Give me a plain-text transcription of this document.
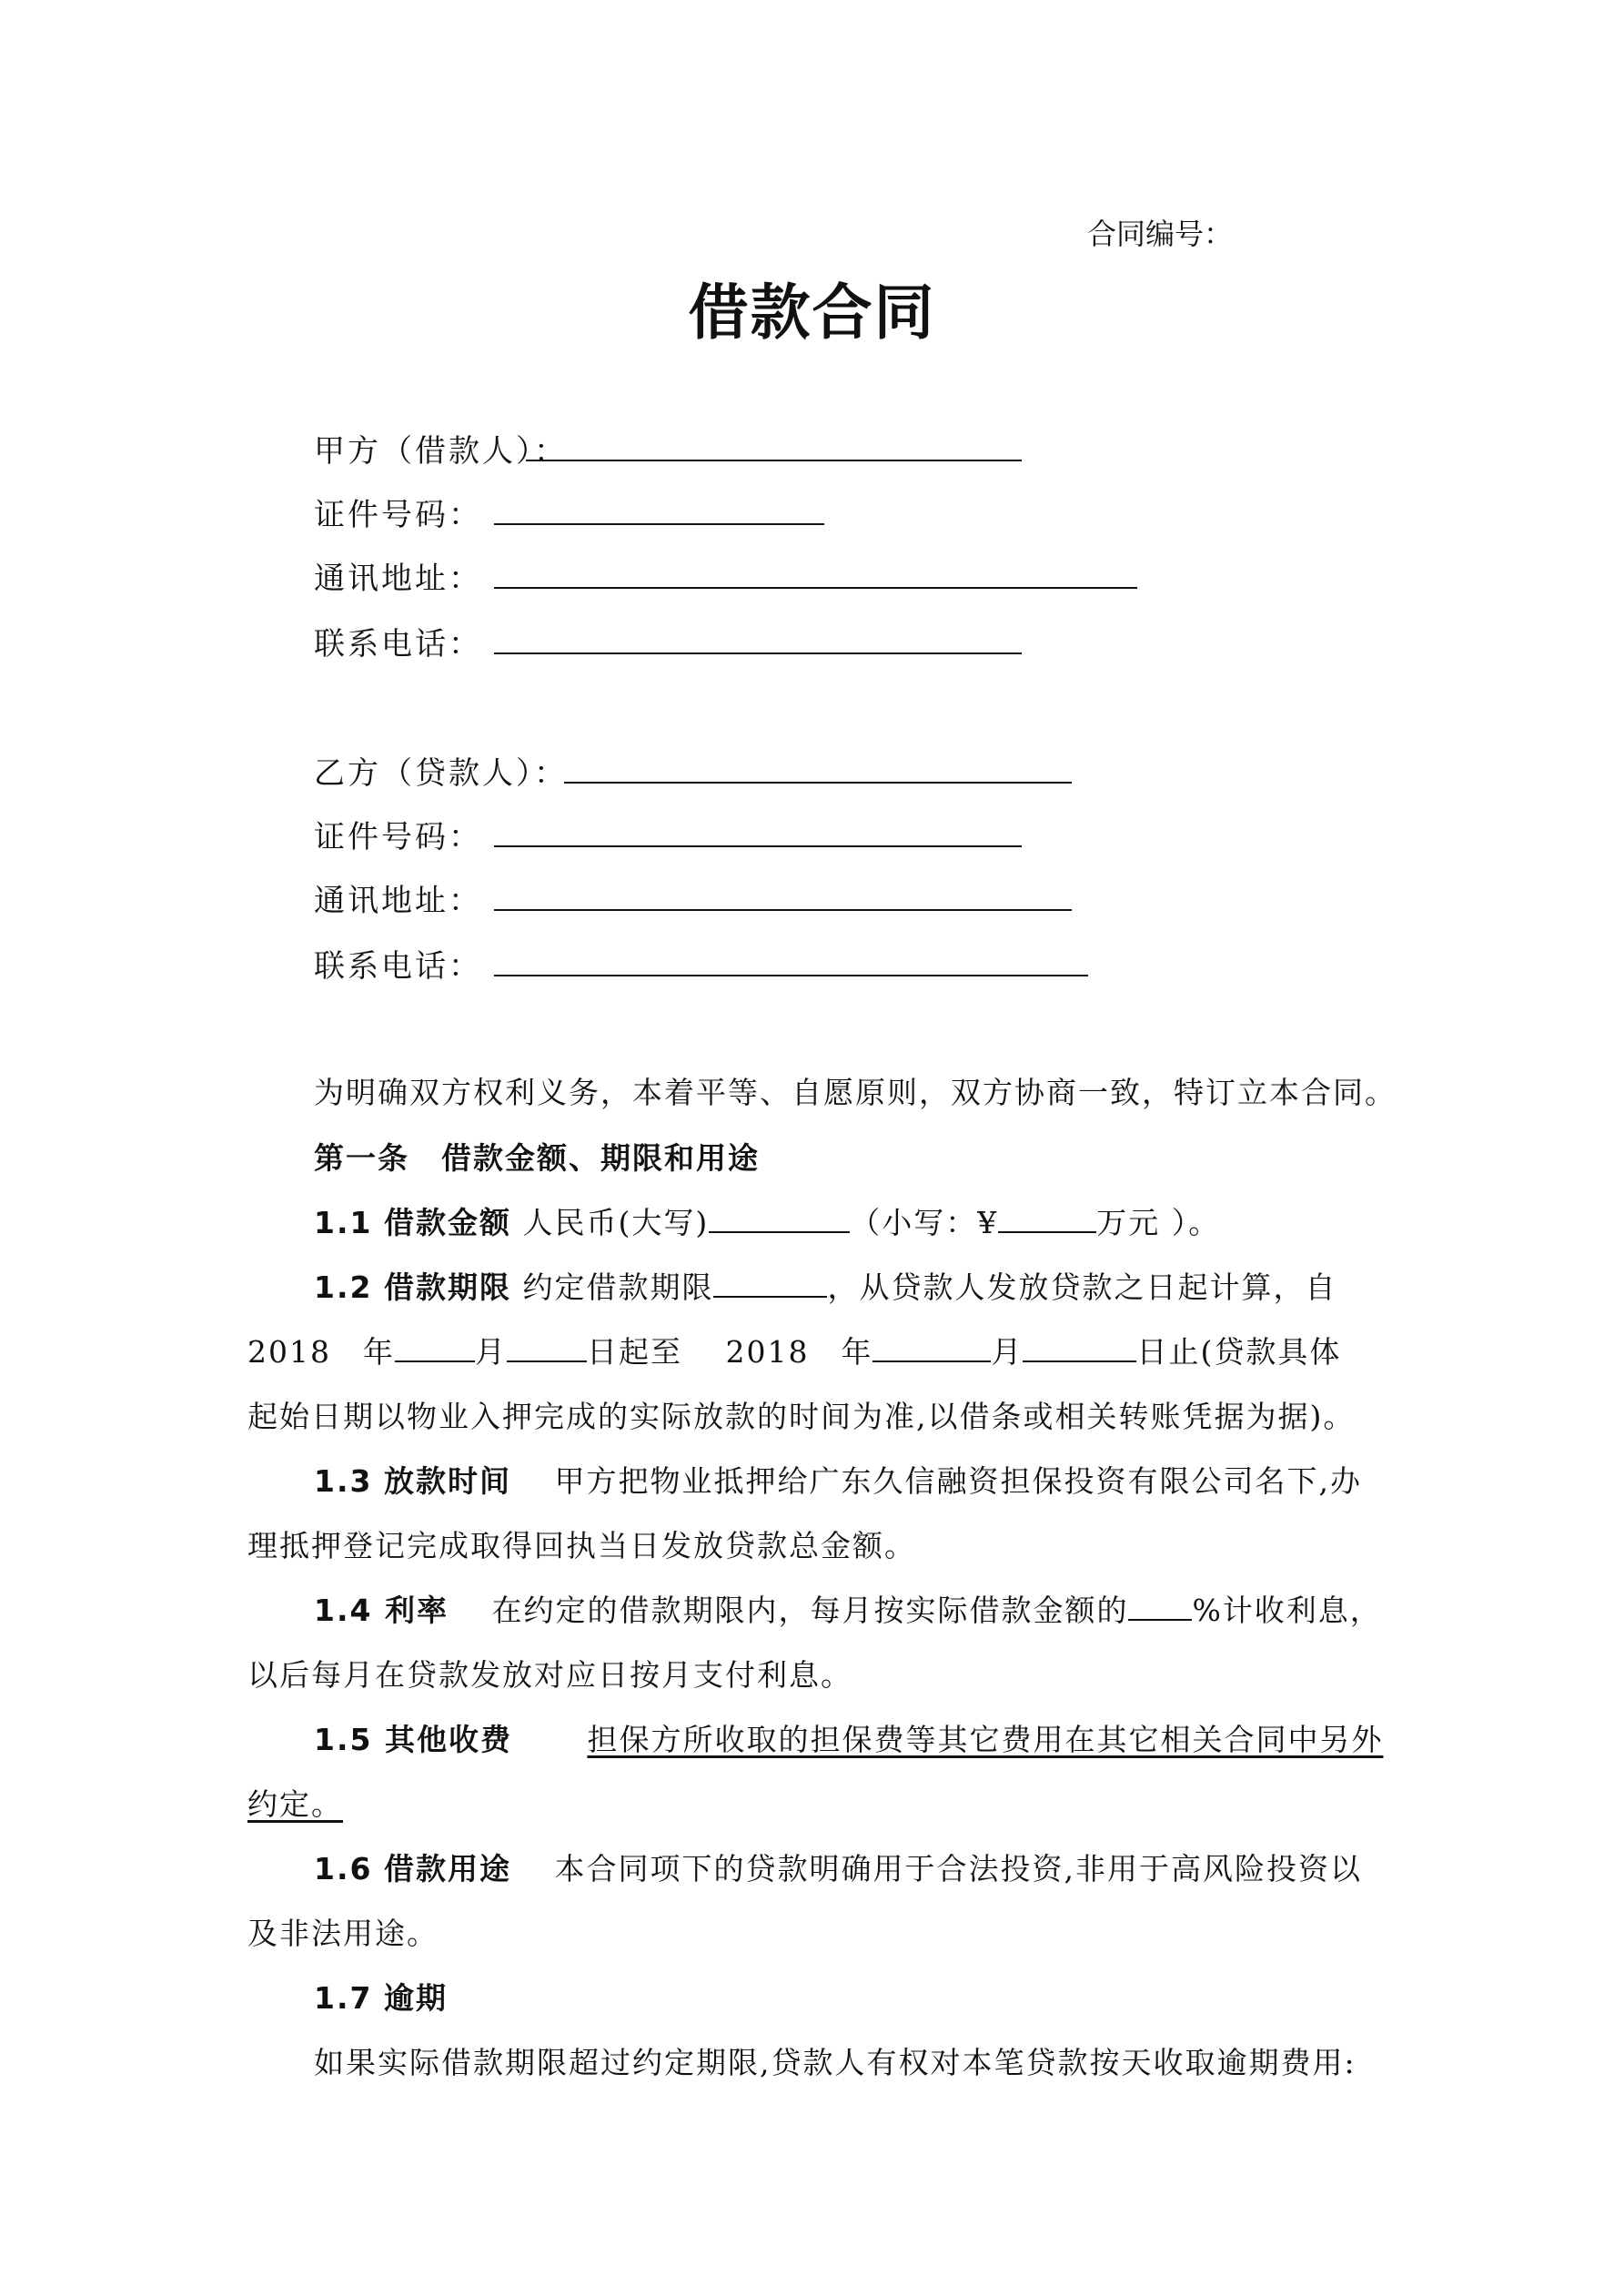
合同编号：
借款合同
甲方（借款人）：
证件号码：
通讯地址：
联系电话：
乙方（贷款人）：
证件号码：
通讯地址：
联系电话：
为明确双方权利义务，本着平等、自愿原则，双方协商一致，特订立本合同。
第一条　借款金额、期限和用途
1.1 借款金额 人民币(大写)	（小写：¥	万元 ）。
1.2 借款期限 约定借款期限	，从贷款人发放贷款之日起计算，自
2018　年	月	日起至　 2018　年	月	日止(贷款具体
起始日期以物业入押完成的实际放款的时间为准,以借条或相关转账凭据为据)。
1.3 放款时间　 甲方把物业抵押给广东久信融资担保投资有限公司名下,办
理抵押登记完成取得回执当日发放贷款总金额。
1.4 利率　 在约定的借款期限内，每月按实际借款金额的 %计收利息，
以后每月在贷款发放对应日按月支付利息。
1.5 其他收费　　	担保方所收取的担保费等其它费用在其它相关合同中另外
约定。
1.6 借款用途　 本合同项下的贷款明确用于合法投资,非用于高风险投资以
及非法用途。
1.7 逾期
如果实际借款期限超过约定期限,贷款人有权对本笔贷款按天收取逾期费用:
